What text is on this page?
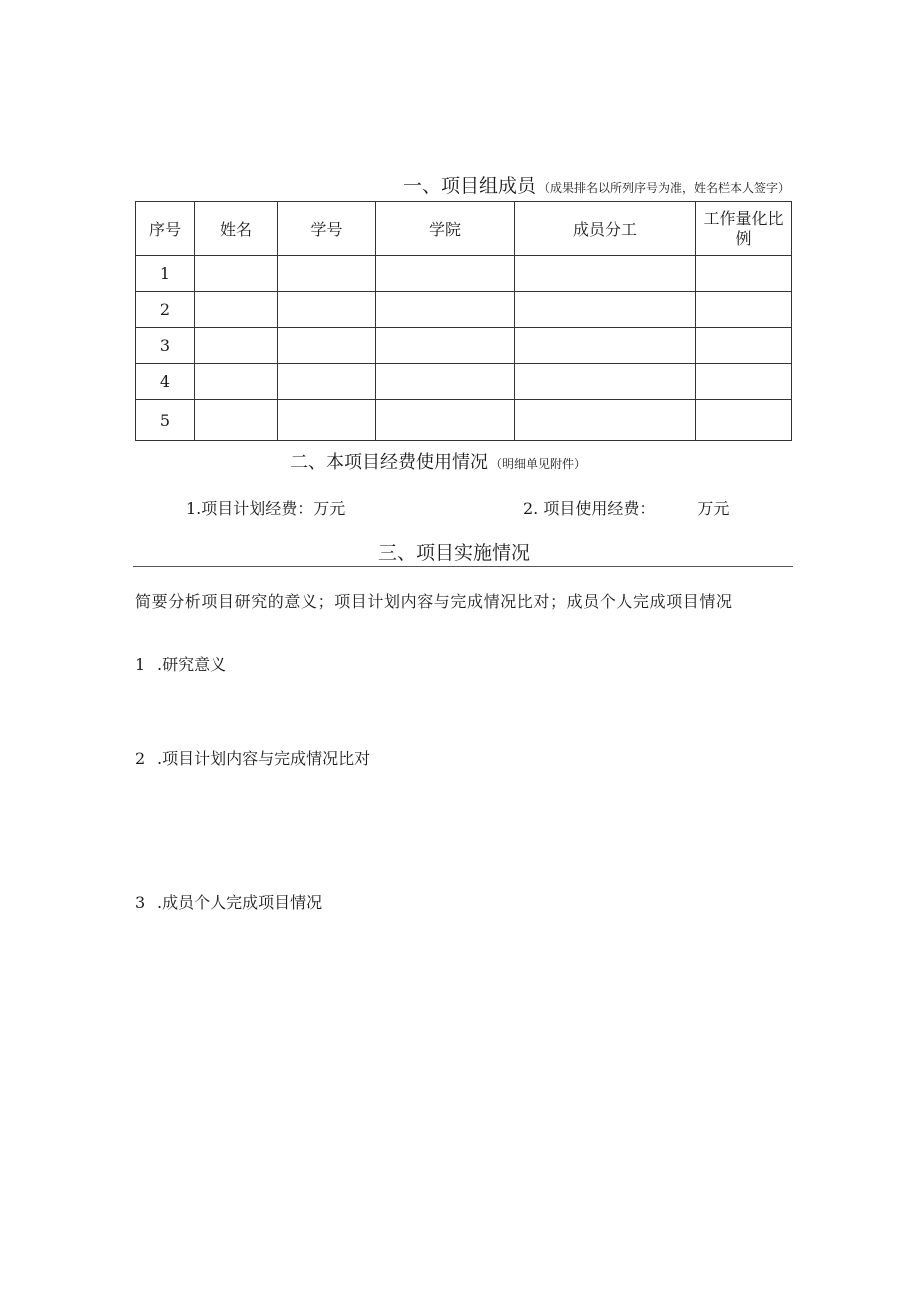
一、项目组成员 （成果排名以所列序号为准，姓名栏本人签字）
序号	姓名	学号	学院	成员分工	工作量化比例
1					
2					
3					
4					
5					
二、本项目经费使用情况 （明细单见附件）
1.项目计划经费：万元	2. 项目使用经费：	万元
三、项目实施情况
简要分析项目研究的意义；项目计划内容与完成情况比对；成员个人完成项目情况
1 .研究意义
2 .项目计划内容与完成情况比对
3 .成员个人完成项目情况
